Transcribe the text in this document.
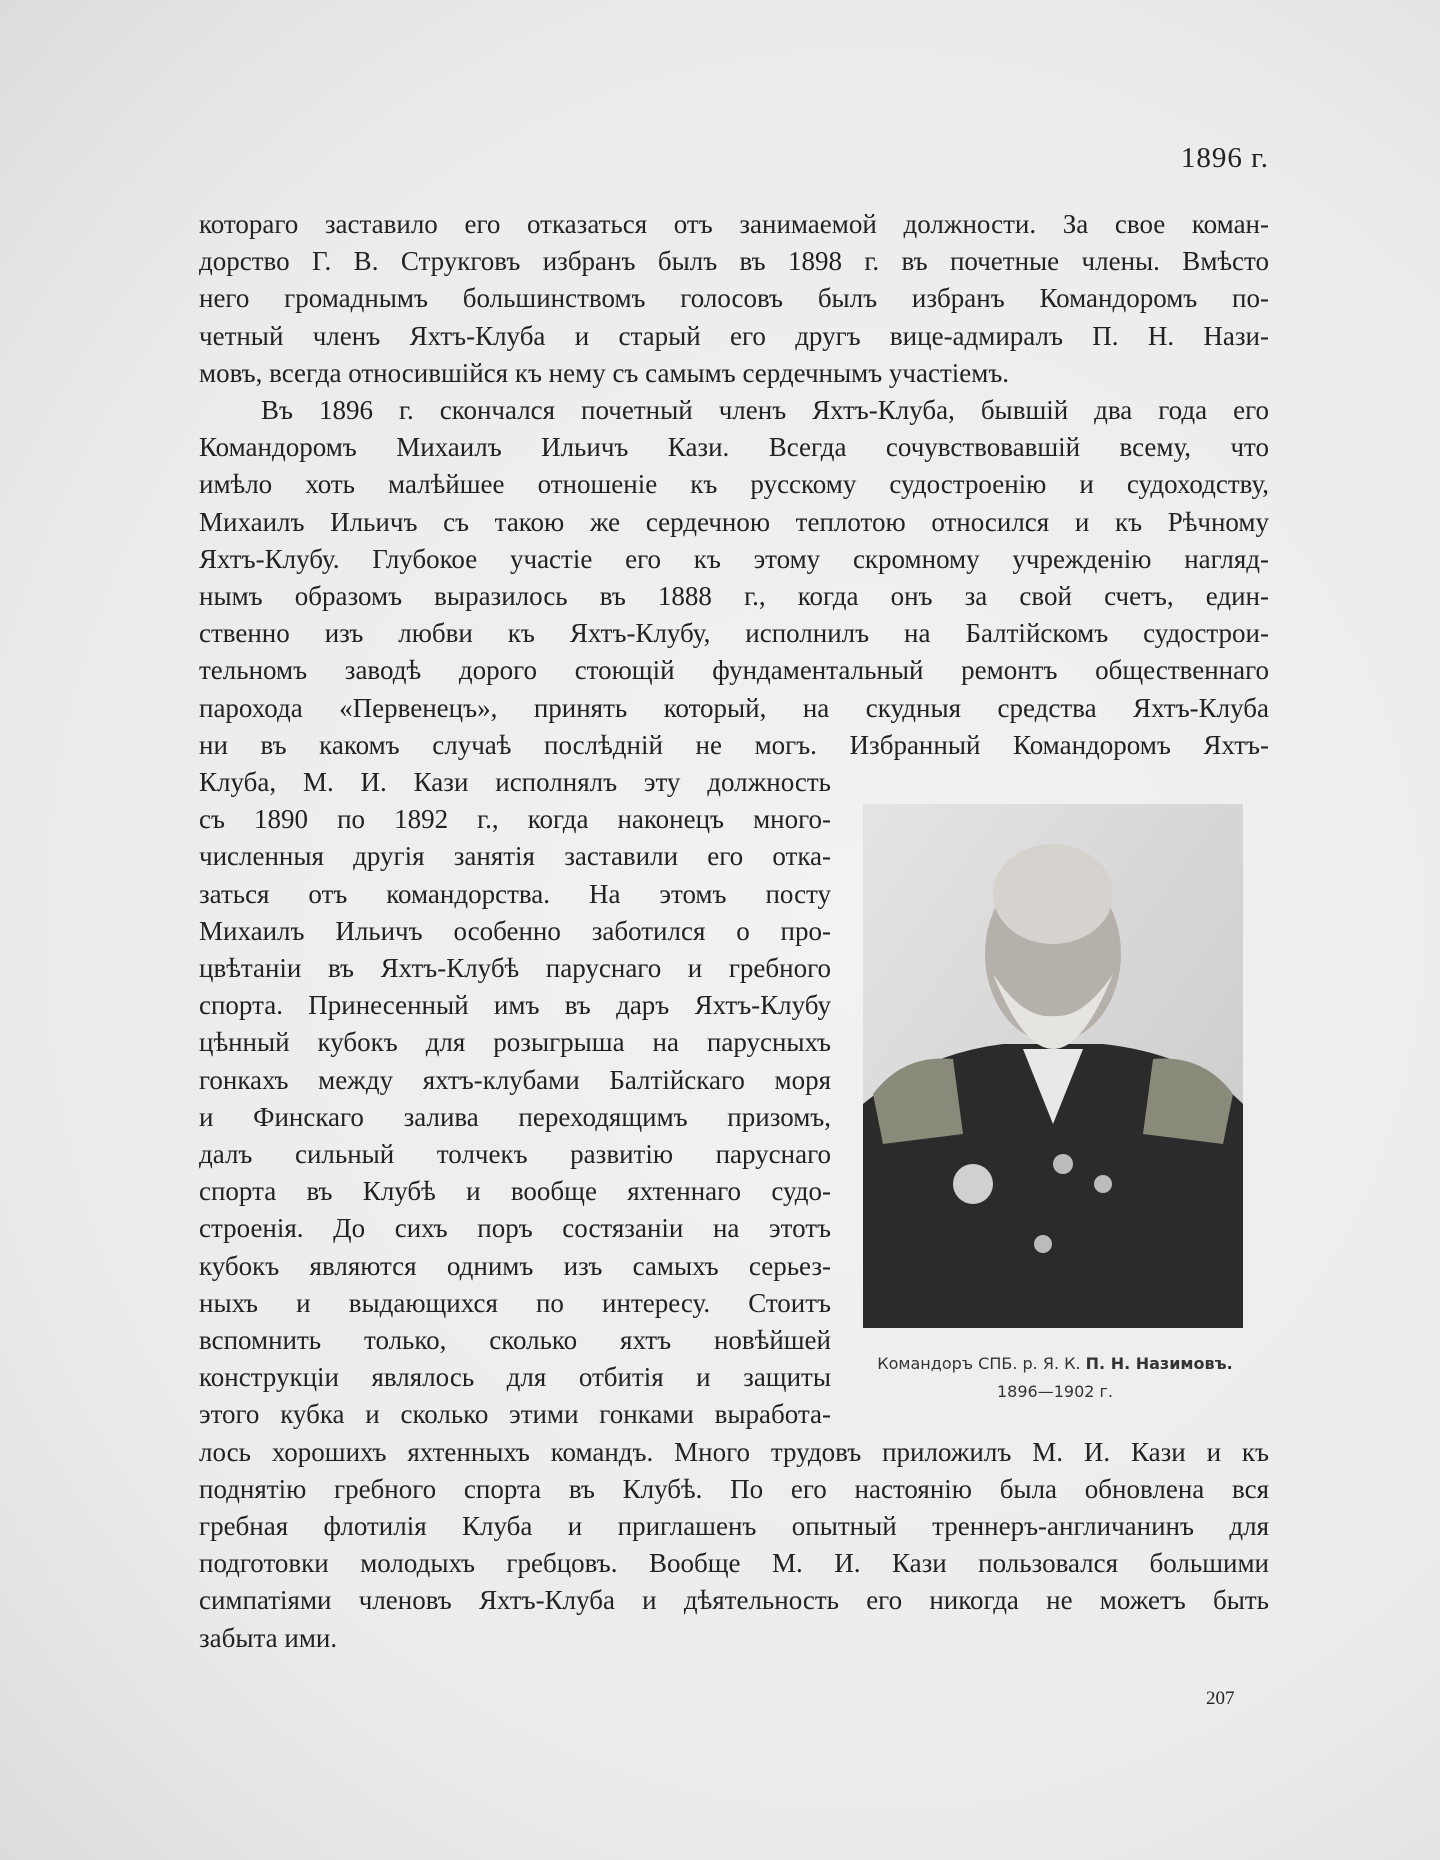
1896 г.
котораго заставило его отказаться отъ занимаемой должности. За свое коман-
дорство Г. В. Струкговъ избранъ былъ въ 1898 г. въ почетные члены. Вмѣсто
него громаднымъ большинствомъ голосовъ былъ избранъ Командоромъ по-
четный членъ Яхтъ-Клуба и старый его другъ вице-адмиралъ П. Н. Нази-
мовъ, всегда относившійся къ нему съ самымъ сердечнымъ участіемъ.
Въ 1896 г. скончался почетный членъ Яхтъ-Клуба, бывшій два года его
Командоромъ Михаилъ Ильичъ Кази. Всегда сочувствовавшій всему, что
имѣло хоть малѣйшее отношеніе къ русскому судостроенію и судоходству,
Михаилъ Ильичъ съ такою же сердечною теплотою относился и къ Рѣчному
Яхтъ-Клубу. Глубокое участіе его къ этому скромному учрежденію нагляд-
нымъ образомъ выразилось въ 1888 г., когда онъ за свой счетъ, един-
ственно изъ любви къ Яхтъ-Клубу, исполнилъ на Балтійскомъ судострои-
тельномъ заводѣ дорого стоющій фундаментальный ремонтъ общественнаго
парохода «Первенецъ», принять который, на скудныя средства Яхтъ-Клуба
ни въ какомъ случаѣ послѣдній не могъ. Избранный Командоромъ Яхтъ-
Клуба, М. И. Кази исполнялъ эту должность
съ 1890 по 1892 г., когда наконецъ много-
численныя другія занятія заставили его отка-
заться отъ командорства. На этомъ посту
Михаилъ Ильичъ особенно заботился о про-
цвѣтаніи въ Яхтъ-Клубѣ паруснаго и гребного
спорта. Принесенный имъ въ даръ Яхтъ-Клубу
цѣнный кубокъ для розыгрыша на парусныхъ
гонкахъ между яхтъ-клубами Балтійскаго моря
и Финскаго залива переходящимъ призомъ,
далъ сильный толчекъ развитію паруснаго
спорта въ Клубѣ и вообще яхтеннаго судо-
строенія. До сихъ поръ состязаніи на этотъ
кубокъ являются однимъ изъ самыхъ серьез-
ныхъ и выдающихся по интересу. Стоитъ
вспомнить только, сколько яхтъ новѣйшей
конструкціи являлось для отбитія и защиты
этого кубка и сколько этими гонками выработа-
лось хорошихъ яхтенныхъ командъ. Много трудовъ приложилъ М. И. Кази и къ
поднятію гребного спорта въ Клубѣ. По его настоянію была обновлена вся
гребная флотилія Клуба и приглашенъ опытный треннеръ-англичанинъ для
подготовки молодыхъ гребцовъ. Вообще М. И. Кази пользовался большими
симпатіями членовъ Яхтъ-Клуба и дѣятельность его никогда не можетъ быть
забыта ими.
Командоръ СПБ. р. Я. К. П. Н. Назимовъ.
1896—1902 г.
207
